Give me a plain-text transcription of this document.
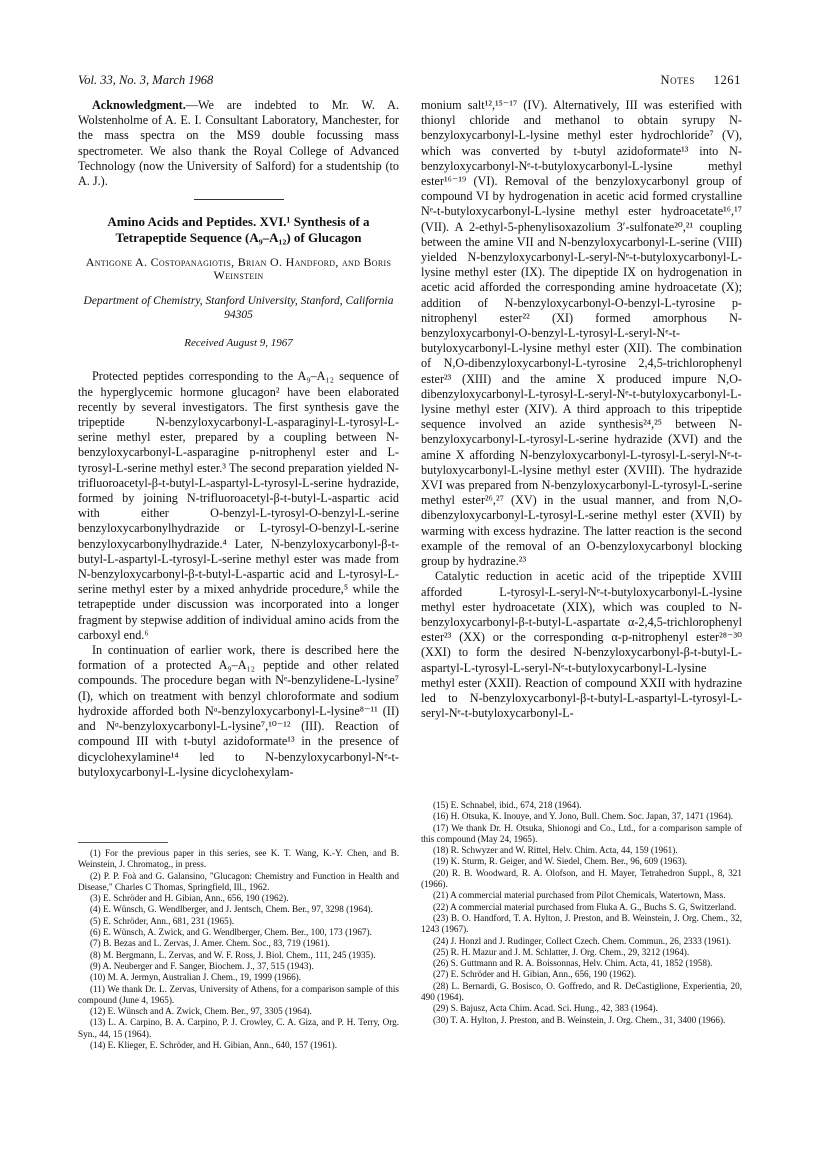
Vol. 33, No. 3, March 1968	Notes 1261

Acknowledgment.—We are indebted to Mr. W. A. Wolstenholme of A. E. I. Consultant Laboratory, Manchester, for the mass spectra on the MS9 double focussing mass spectrometer. We also thank the Royal College of Advanced Technology (now the University of Salford) for a studentship (to A. J.).

Amino Acids and Peptides. XVI.¹ Synthesis of a Tetrapeptide Sequence (A₉–A₁₂) of Glucagon
Antigone A. Costopanagiotis, Brian O. Handford, and Boris Weinstein
Department of Chemistry, Stanford University, Stanford, California 94305
Received August 9, 1967

Protected peptides corresponding to the A₉–A₁₂ sequence of the hyperglycemic hormone glucagon² have been elaborated recently by several investigators. The first synthesis gave the tripeptide N-benzyloxycarbonyl-L-asparaginyl-L-tyrosyl-L-serine methyl ester, prepared by a coupling between N-benzyloxycarbonyl-L-asparagine p-nitrophenyl ester and L-tyrosyl-L-serine methyl ester.³ The second preparation yielded N-trifluoroacetyl-β-t-butyl-L-aspartyl-L-tyrosyl-L-serine hydrazide, formed by joining N-trifluoroacetyl-β-t-butyl-L-aspartic acid with either O-benzyl-L-tyrosyl-O-benzyl-L-serine benzyloxycarbonylhydrazide or L-tyrosyl-O-benzyl-L-serine benzyloxycarbonylhydrazide.⁴ Later, N-benzyloxycarbonyl-β-t-butyl-L-aspartyl-L-tyrosyl-L-serine methyl ester was made from N-benzyloxycarbonyl-β-t-butyl-L-aspartic acid and L-tyrosyl-L-serine methyl ester by a mixed anhydride procedure,⁵ while the tetrapeptide under discussion was incorporated into a longer fragment by stepwise addition of individual amino acids from the carboxyl end.⁶

In continuation of earlier work, there is described here the formation of a protected A₉–A₁₂ peptide and other related compounds. The procedure began with Nᵉ-benzylidene-L-lysine⁷ (I), which on treatment with benzyl chloroformate and sodium hydroxide afforded both Nᵅ-benzyloxycarbonyl-L-lysine⁸⁻¹¹ (II) and Nᵅ-benzyloxycarbonyl-L-lysine⁷,¹⁰⁻¹² (III). Reaction of compound III with t-butyl azidoformate¹³ in the presence of dicyclohexylamine¹⁴ led to N-benzyloxycarbonyl-Nᵉ-t-butyloxycarbonyl-L-lysine dicyclohexylam-

monium salt¹²,¹⁵⁻¹⁷ (IV). Alternatively, III was esterified with thionyl chloride and methanol to obtain syrupy N-benzyloxycarbonyl-L-lysine methyl ester hydrochloride⁷ (V), which was converted by t-butyl azidoformate¹³ into N-benzyloxycarbonyl-Nᵉ-t-butyloxycarbonyl-L-lysine methyl ester¹⁶⁻¹⁹ (VI). Removal of the benzyloxycarbonyl group of compound VI by hydrogenation in acetic acid formed crystalline Nᵉ-t-butyloxycarbonyl-L-lysine methyl ester hydroacetate¹⁶,¹⁷ (VII). A 2-ethyl-5-phenylisoxazolium 3′-sulfonate²⁰,²¹ coupling between the amine VII and N-benzyloxycarbonyl-L-serine (VIII) yielded N-benzyloxycarbonyl-L-seryl-Nᵉ-t-butyloxycarbonyl-L-lysine methyl ester (IX). The dipeptide IX on hydrogenation in acetic acid afforded the corresponding amine hydroacetate (X); addition of N-benzyloxycarbonyl-O-benzyl-L-tyrosine p-nitrophenyl ester²² (XI) formed amorphous N-benzyloxycarbonyl-O-benzyl-L-tyrosyl-L-seryl-Nᵉ-t-butyloxycarbonyl-L-lysine methyl ester (XII). The combination of N,O-dibenzyloxycarbonyl-L-tyrosine 2,4,5-trichlorophenyl ester²³ (XIII) and the amine X produced impure N,O-dibenzyloxycarbonyl-L-tyrosyl-L-seryl-Nᵉ-t-butyloxycarbonyl-L-lysine methyl ester (XIV). A third approach to this tripeptide sequence involved an azide synthesis²⁴,²⁵ between N-benzyloxycarbonyl-L-tyrosyl-L-serine hydrazide (XVI) and the amine X affording N-benzyloxycarbonyl-L-tyrosyl-L-seryl-Nᵉ-t-butyloxycarbonyl-L-lysine methyl ester (XVIII). The hydrazide XVI was prepared from N-benzyloxycarbonyl-L-tyrosyl-L-serine methyl ester²⁶,²⁷ (XV) in the usual manner, and from N,O-dibenzyloxycarbonyl-L-tyrosyl-L-serine methyl ester (XVII) by warming with excess hydrazine. The latter reaction is the second example of the removal of an O-benzyloxycarbonyl blocking group by hydrazine.²³

Catalytic reduction in acetic acid of the tripeptide XVIII afforded L-tyrosyl-L-seryl-Nᵉ-t-butyloxycarbonyl-L-lysine methyl ester hydroacetate (XIX), which was coupled to N-benzyloxycarbonyl-β-t-butyl-L-aspartate α-2,4,5-trichlorophenyl ester²³ (XX) or the corresponding α-p-nitrophenyl ester²⁸⁻³⁰ (XXI) to form the desired N-benzyloxycarbonyl-β-t-butyl-L-aspartyl-L-tyrosyl-L-seryl-Nᵉ-t-butyloxycarbonyl-L-lysine methyl ester (XXII). Reaction of compound XXII with hydrazine led to N-benzyloxycarbonyl-β-t-butyl-L-aspartyl-L-tyrosyl-L-seryl-Nᵉ-t-butyloxycarbonyl-L-

(1) For the previous paper in this series, see K. T. Wang, K.-Y. Chen, and B. Weinstein, J. Chromatog., in press.
(2) P. P. Foà and G. Galansino, "Glucagon: Chemistry and Function in Health and Disease," Charles C Thomas, Springfield, Ill., 1962.
(3) E. Schröder and H. Gibian, Ann., 656, 190 (1962).
(4) E. Wünsch, G. Wendlberger, and J. Jentsch, Chem. Ber., 97, 3298 (1964).
(5) E. Schröder, Ann., 681, 231 (1965).
(6) E. Wünsch, A. Zwick, and G. Wendlberger, Chem. Ber., 100, 173 (1967).
(7) B. Bezas and L. Zervas, J. Amer. Chem. Soc., 83, 719 (1961).
(8) M. Bergmann, L. Zervas, and W. F. Ross, J. Biol. Chem., 111, 245 (1935).
(9) A. Neuberger and F. Sanger, Biochem. J., 37, 515 (1943).
(10) M. A. Jermyn, Australian J. Chem., 19, 1999 (1966).
(11) We thank Dr. L. Zervas, University of Athens, for a comparison sample of this compound (June 4, 1965).
(12) E. Wünsch and A. Zwick, Chem. Ber., 97, 3305 (1964).
(13) L. A. Carpino, B. A. Carpino, P. J. Crowley, C. A. Giza, and P. H. Terry, Org. Syn., 44, 15 (1964).
(14) E. Klieger, E. Schröder, and H. Gibian, Ann., 640, 157 (1961).
(15) E. Schnabel, ibid., 674, 218 (1964).
(16) H. Otsuka, K. Inouye, and Y. Jono, Bull. Chem. Soc. Japan, 37, 1471 (1964).
(17) We thank Dr. H. Otsuka, Shionogi and Co., Ltd., for a comparison sample of this compound (May 24, 1965).
(18) R. Schwyzer and W. Rittel, Helv. Chim. Acta, 44, 159 (1961).
(19) K. Sturm, R. Geiger, and W. Siedel, Chem. Ber., 96, 609 (1963).
(20) R. B. Woodward, R. A. Olofson, and H. Mayer, Tetrahedron Suppl., 8, 321 (1966).
(21) A commercial material purchased from Pilot Chemicals, Watertown, Mass.
(22) A commercial material purchased from Fluka A. G., Buchs S. G, Switzerland.
(23) B. O. Handford, T. A. Hylton, J. Preston, and B. Weinstein, J. Org. Chem., 32, 1243 (1967).
(24) J. Honzl and J. Rudinger, Collect Czech. Chem. Commun., 26, 2333 (1961).
(25) R. H. Mazur and J. M. Schlatter, J. Org. Chem., 29, 3212 (1964).
(26) S. Guttmann and R. A. Boissonnas, Helv. Chim. Acta, 41, 1852 (1958).
(27) E. Schröder and H. Gibian, Ann., 656, 190 (1962).
(28) L. Bernardi, G. Bosisco, O. Goffredo, and R. DeCastiglione, Experientia, 20, 490 (1964).
(29) S. Bajusz, Acta Chim. Acad. Sci. Hung., 42, 383 (1964).
(30) T. A. Hylton, J. Preston, and B. Weinstein, J. Org. Chem., 31, 3400 (1966).
